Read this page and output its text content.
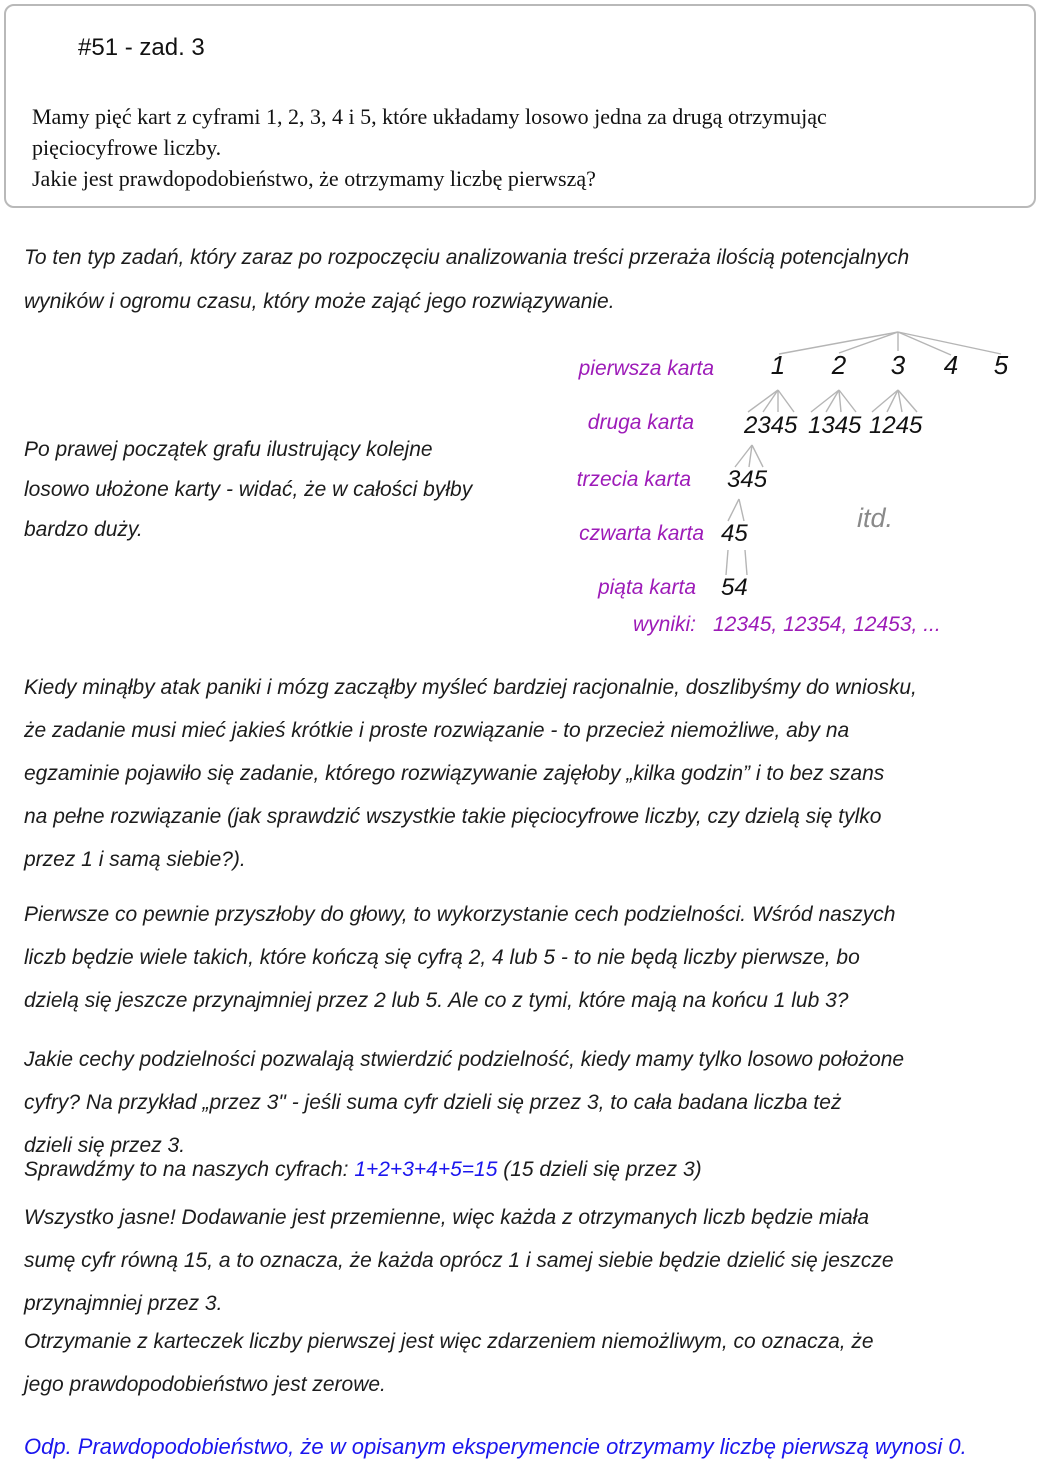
#51 - zad. 3
Mamy pięć kart z cyframi 1, 2, 3, 4 i 5, które układamy losowo jedna za drugą otrzymując
pięciocyfrowe liczby.
Jakie jest prawdopodobieństwo, że otrzymamy liczbę pierwszą?
To ten typ zadań, który zaraz po rozpoczęciu analizowania treści przeraża ilością potencjalnych
wyników i ogromu czasu, który może zająć jego rozwiązywanie.
Po prawej początek grafu ilustrujący kolejne
losowo ułożone karty - widać, że w całości byłby
bardzo duży.
pierwsza karta
druga karta
trzecia karta
czwarta karta
piąta karta
wyniki:
1 2 3 4 5
2345 1345 1245
345
45
54
itd.
12345, 12354, 12453, ...
Kiedy minąłby atak paniki i mózg zacząłby myśleć bardziej racjonalnie, doszlibyśmy do wniosku,
że zadanie musi mieć jakieś krótkie i proste rozwiązanie - to przecież niemożliwe, aby na
egzaminie pojawiło się zadanie, którego rozwiązywanie zajęłoby „kilka godzin” i to bez szans
na pełne rozwiązanie (jak sprawdzić wszystkie takie pięciocyfrowe liczby, czy dzielą się tylko
przez 1 i samą siebie?).
Pierwsze co pewnie przyszłoby do głowy, to wykorzystanie cech podzielności. Wśród naszych
liczb będzie wiele takich, które kończą się cyfrą 2, 4 lub 5 - to nie będą liczby pierwsze, bo
dzielą się jeszcze przynajmniej przez 2 lub 5. Ale co z tymi, które mają na końcu 1 lub 3?
Jakie cechy podzielności pozwalają stwierdzić podzielność, kiedy mamy tylko losowo położone
cyfry? Na przykład „przez 3" - jeśli suma cyfr dzieli się przez 3, to cała badana liczba też
dzieli się przez 3.
Sprawdźmy to na naszych cyfrach: 1+2+3+4+5=15 (15 dzieli się przez 3)
Wszystko jasne! Dodawanie jest przemienne, więc każda z otrzymanych liczb będzie miała
sumę cyfr równą 15, a to oznacza, że każda oprócz 1 i samej siebie będzie dzielić się jeszcze
przynajmniej przez 3.
Otrzymanie z karteczek liczby pierwszej jest więc zdarzeniem niemożliwym, co oznacza, że
jego prawdopodobieństwo jest zerowe.
Odp. Prawdopodobieństwo, że w opisanym eksperymencie otrzymamy liczbę pierwszą wynosi 0.
